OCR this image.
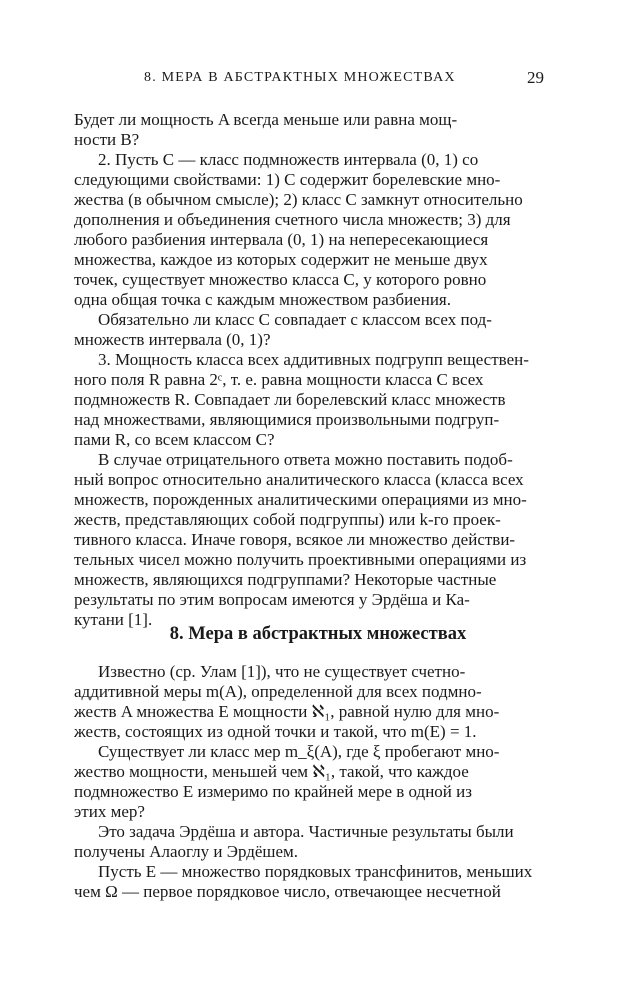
8. МЕРА В АБСТРАКТНЫХ МНОЖЕСТВАХ	29
Будет ли мощность A всегда меньше или равна мощ-
ности B?
2. Пусть C — класс подмножеств интервала (0, 1) со
следующими свойствами: 1) C содержит борелевские мно-
жества (в обычном смысле); 2) класс C замкнут относительно
дополнения и объединения счетного числа множеств; 3) для
любого разбиения интервала (0, 1) на непересекающиеся
множества, каждое из которых содержит не меньше двух
точек, существует множество класса C, у которого ровно
одна общая точка с каждым множеством разбиения.
Обязательно ли класс C совпадает с классом всех под-
множеств интервала (0, 1)?
3. Мощность класса всех аддитивных подгрупп веществен-
ного поля R равна 2ᶜ, т. е. равна мощности класса C всех
подмножеств R. Совпадает ли борелевский класс множеств
над множествами, являющимися произвольными подгруп-
пами R, со всем классом C?
В случае отрицательного ответа можно поставить подоб-
ный вопрос относительно аналитического класса (класса всех
множеств, порожденных аналитическими операциями из мно-
жеств, представляющих собой подгруппы) или k-го проек-
тивного класса. Иначе говоря, всякое ли множество действи-
тельных чисел можно получить проективными операциями из
множеств, являющихся подгруппами? Некоторые частные
результаты по этим вопросам имеются у Эрдёша и Ка-
кутани [1].
8. Мера в абстрактных множествах
Известно (ср. Улам [1]), что не существует счетно-
аддитивной меры m(A), определенной для всех подмно-
жеств A множества E мощности ℵ₁, равной нулю для мно-
жеств, состоящих из одной точки и такой, что m(E) = 1.
Существует ли класс мер m_ξ(A), где ξ пробегают мно-
жество мощности, меньшей чем ℵ₁, такой, что каждое
подмножество E измеримо по крайней мере в одной из
этих мер?
Это задача Эрдёша и автора. Частичные результаты были
получены Алаоглу и Эрдёшем.
Пусть E — множество порядковых трансфинитов, меньших
чем Ω — первое порядковое число, отвечающее несчетной
